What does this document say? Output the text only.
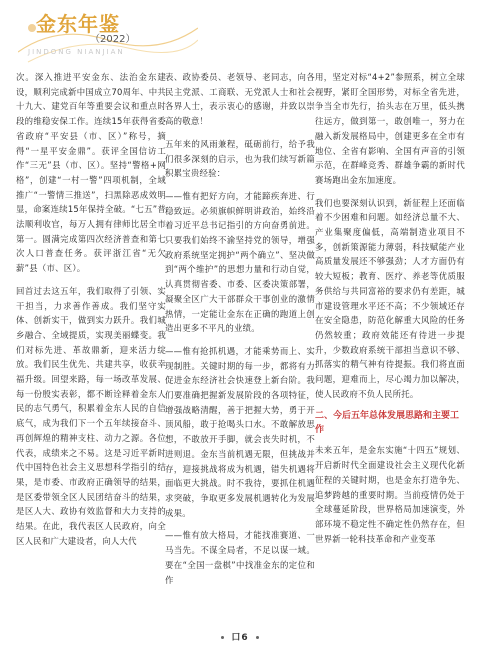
金东年鉴
（2022）
JINDONG NIANJIAN

次。深入推进平安金东、法治金东建设，顺利完成新中国成立70周年、中共十九大、建党百年等重要会议和重点时段的维稳安保工作。连续15年获得省委省政府“平安县（市、区）”称号，摘得“一星平安金鼎”。获评全国信访工作“三无”县（市、区）。坚持“警格+网格”，创建“一村一警”四项机制，全域推广“一警情三推送”，扫黑除恶成效明显，命案连续15年保持全破。“七五”普法顺利收官，每万人拥有律师比居全市第一。圆满完成第四次经济普查和第七次人口普查任务。获评浙江省“无欠薪”县（市、区）。

回首过去这五年，我们取得了引领、实干担当，力求善作善成。我们坚守实体、创新实干，做到实力跃升。我们城乡融合、全域提质，实现美丽蝶变。我们对标先进、革故鼎新，迎来活力绽放。我们民生优先、共建共享，收获幸福升级。回望来路，每一场改革发展、每一份殷实表彰，都不断诠释着金东人民的志气勇气，积累着金东人民的自信底气，成为我们下一个五年续接奋斗、再创辉煌的精神支柱、动力之源。各位代表，成绩来之不易。这是习近平新时代中国特色社会主义思想科学指引的结果，是市委、市政府正确领导的结果，是区委带领全区人民团结奋斗的结果，是区人大、政协有效监督和大力支持的结果。在此，我代表区人民政府，向全区人民和广大建设者，向人大代

表、政协委员、老领导、老同志，向各民主党派、工商联、无党派人士和社会各界人士，表示衷心的感谢，并致以崇高的敬意！

五年来的风雨兼程，砥砺前行，给予我们很多深刻的启示，也为我们续写新篇积累宝贵经验：

——惟有把好方向，才能蹄疾奔进、行稳致远。必须旗帜鲜明讲政治，始终沿着习近平总书记指引的方向奋勇前进。只要我们始终不渝坚持党的领导，增强政府系统坚定拥护“两个确立”、坚决做到“两个维护”的思想力量和行动自觉，认真贯彻省委、市委、区委决策部署，凝聚全区广大干部群众干事创业的激情热情，一定能让金东在正确的跑道上创造出更多不平凡的业绩。

——惟有抢抓机遇，才能乘势而上、实现制胜。关键时期的每一步，都将有力促进金东经济社会快速登上新台阶。我们要准确把握新发展阶段的各项特征，增强战略清醒，善于把握大势，勇于开顶风船，敢于抢喝头口水。不敢解放思想，不敢放开手脚，就会丧失时机，不进则退。金东当前机遇无限，但挑战并存，迎接挑战将成为机遇，错失机遇将面临更大挑战。时不我待，要抓住机遇求突破，争取更多发展机遇转化为发展成果。

——惟有放大格局，才能找准赛道、一马当先。不谋全局者，不足以谋一域。要在“全国一盘棋”中找准金东的定位和作

用，坚定对标“4+2”参照系，树立全球视野，紧盯全国形势，对标全省先进，争当全市先行，抬头志在万里，低头携往远方，做到第一，敢创唯一，努力在融入新发展格局中，创建更多在全市有地位、全省有影响、全国有声音的引领示范，在群峰竞秀、群雄争霸的新时代赛场跑出金东加速度。

我们也要深刻认识到，新征程上还面临着不少困难和问题。如经济总量不大、产业集聚度偏低，高端制造业项目不多，创新策源能力薄弱，科技赋能产业高质量发展还不够强劲；人才方面仍有较大短板；教育、医疗、养老等优质服务供给与共同富裕的要求仍有差距，城市建设管理水平还不高；不少领域还存在安全隐患，防范化解重大风险的任务仍然较重；政府效能还有待进一步提升，少数政府系统干部担当意识不够、抓落实的精气神有待提振。我们将直面问题，迎难而上，尽心竭力加以解决，使人民政府不负人民所托。

二、今后五年总体发展思路和主要工作

未来五年，是金东实施“十四五”规划、开启新时代全面建设社会主义现代化新征程的关键时期，也是金东打造争先、追梦跨越的重要时期。当前疫情仍处于全球蔓延阶段，世界格局加速演变，外部环境不稳定性不确定性仍然存在，但世界新一轮科技革命和产业变革

口6
